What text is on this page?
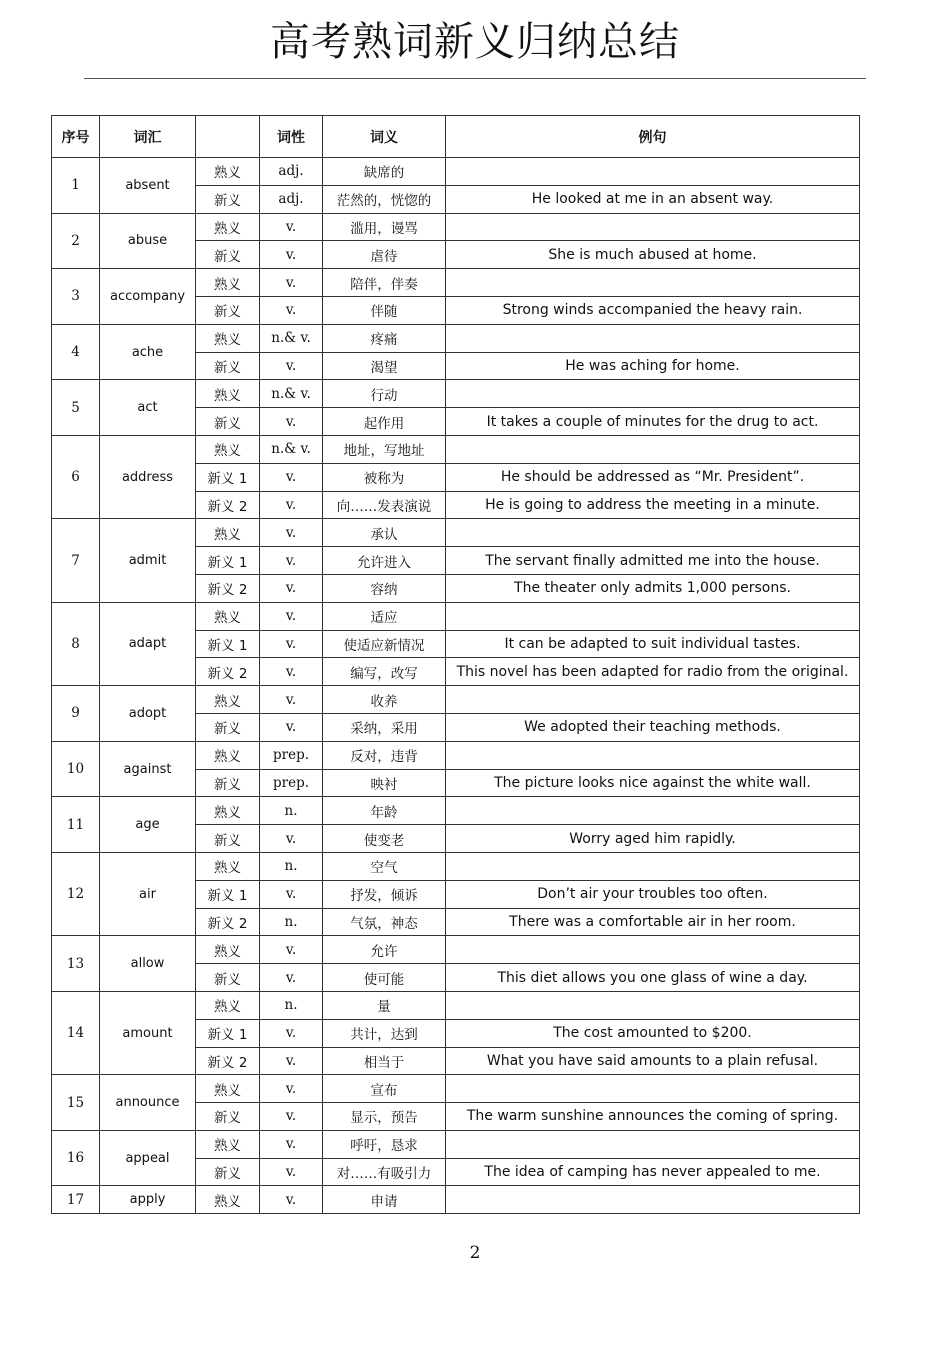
高考熟词新义归纳总结
序号	词汇		词性	词义	例句
1	absent	熟义	adj.	缺席的	
		新义	adj.	茫然的，恍惚的	He looked at me in an absent way.
2	abuse	熟义	v.	滥用，谩骂	
		新义	v.	虐待	She is much abused at home.
3	accompany	熟义	v.	陪伴，伴奏	
		新义	v.	伴随	Strong winds accompanied the heavy rain.
4	ache	熟义	n.& v.	疼痛	
		新义	v.	渴望	He was aching for home.
5	act	熟义	n.& v.	行动	
		新义	v.	起作用	It takes a couple of minutes for the drug to act.
6	address	熟义	n.& v.	地址，写地址	
		新义 1	v.	被称为	He should be addressed as “Mr. President”.
		新义 2	v.	向……发表演说	He is going to address the meeting in a minute.
7	admit	熟义	v.	承认	
		新义 1	v.	允许进入	The servant finally admitted me into the house.
		新义 2	v.	容纳	The theater only admits 1,000 persons.
8	adapt	熟义	v.	适应	
		新义 1	v.	使适应新情况	It can be adapted to suit individual tastes.
		新义 2	v.	编写，改写	This novel has been adapted for radio from the original.
9	adopt	熟义	v.	收养	
		新义	v.	采纳，采用	We adopted their teaching methods.
10	against	熟义	prep.	反对，违背	
		新义	prep.	映衬	The picture looks nice against the white wall.
11	age	熟义	n.	年龄	
		新义	v.	使变老	Worry aged him rapidly.
12	air	熟义	n.	空气	
		新义 1	v.	抒发，倾诉	Don’t air your troubles too often.
		新义 2	n.	气氛，神态	There was a comfortable air in her room.
13	allow	熟义	v.	允许	
		新义	v.	使可能	This diet allows you one glass of wine a day.
14	amount	熟义	n.	量	
		新义 1	v.	共计，达到	The cost amounted to $200.
		新义 2	v.	相当于	What you have said amounts to a plain refusal.
15	announce	熟义	v.	宣布	
		新义	v.	显示，预告	The warm sunshine announces the coming of spring.
16	appeal	熟义	v.	呼吁，恳求	
		新义	v.	对……有吸引力	The idea of camping has never appealed to me.
17	apply	熟义	v.	申请	
2
